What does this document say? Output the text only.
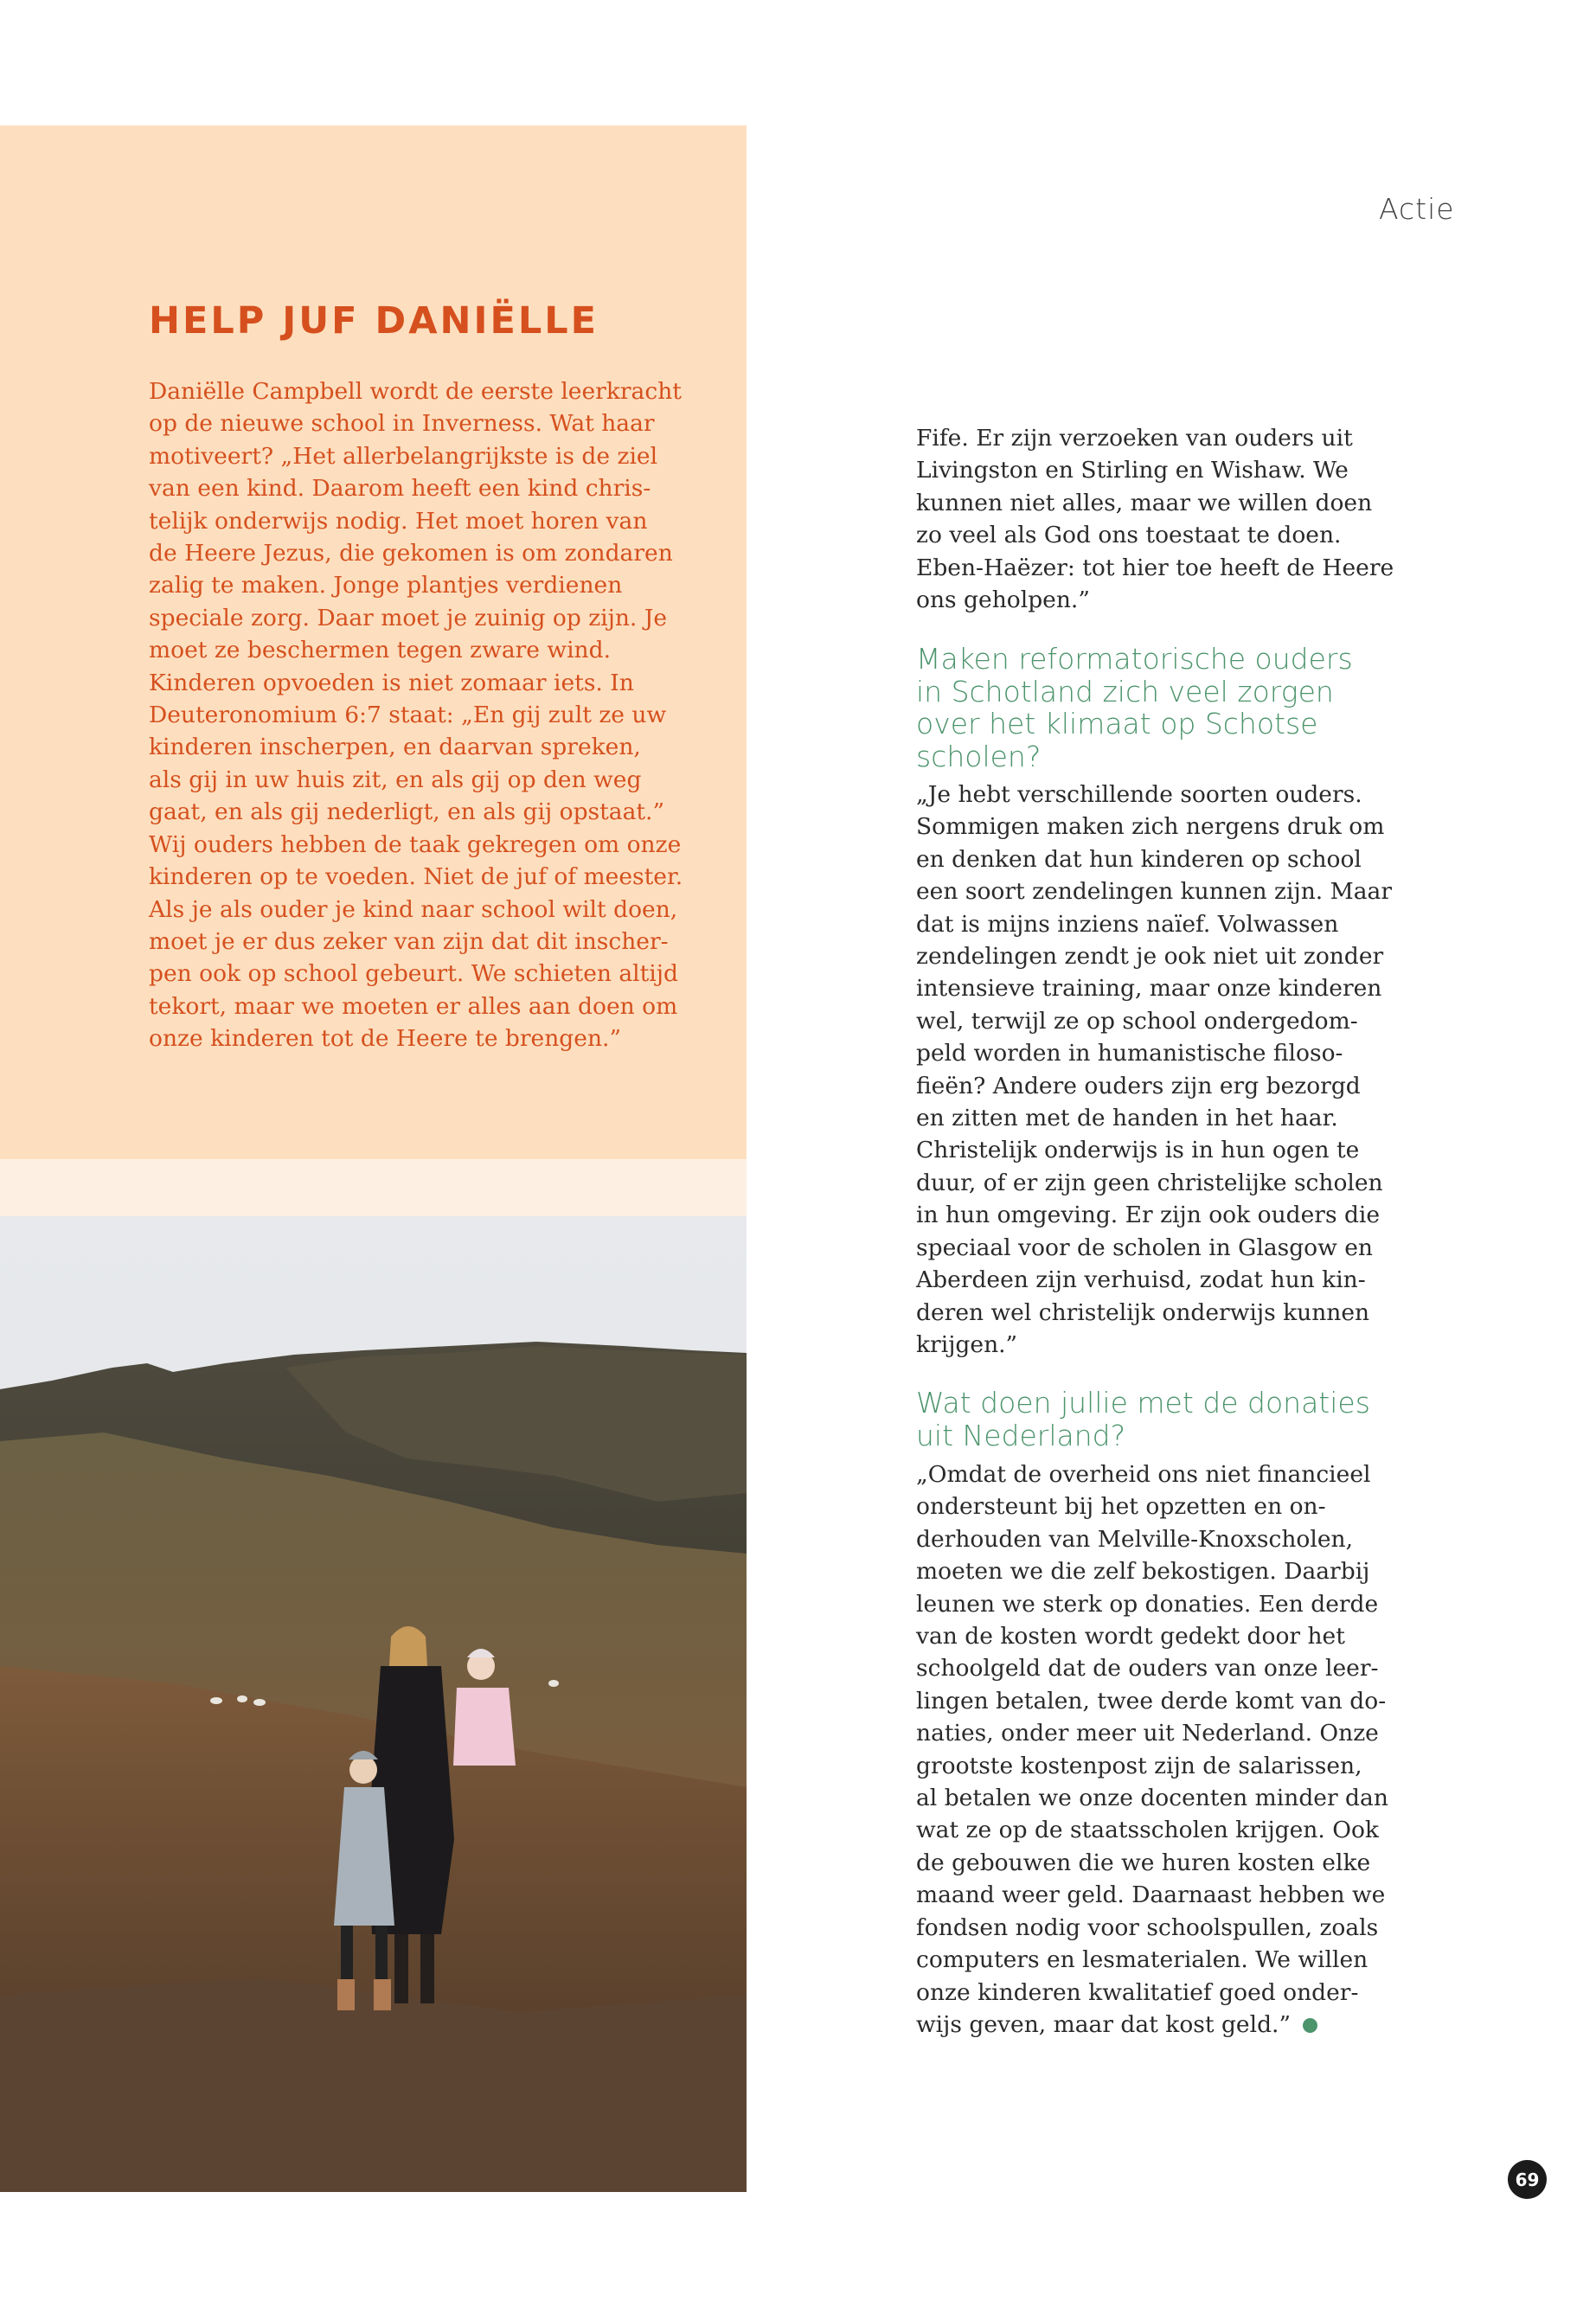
HELP JUF DANIËLLE
Daniëlle Campbell wordt de eerste leerkracht
op de nieuwe school in Inverness. Wat haar
motiveert? „Het allerbelangrijkste is de ziel
van een kind. Daarom heeft een kind chris-
telijk onderwijs nodig. Het moet horen van
de Heere Jezus, die gekomen is om zondaren
zalig te maken. Jonge plantjes verdienen
speciale zorg. Daar moet je zuinig op zijn. Je
moet ze beschermen tegen zware wind.
Kinderen opvoeden is niet zomaar iets. In
Deuteronomium 6:7 staat: „En gij zult ze uw
kinderen inscherpen, en daarvan spreken,
als gij in uw huis zit, en als gij op den weg
gaat, en als gij nederligt, en als gij opstaat.”
Wij ouders hebben de taak gekregen om onze
kinderen op te voeden. Niet de juf of meester.
Als je als ouder je kind naar school wilt doen,
moet je er dus zeker van zijn dat dit inscher-
pen ook op school gebeurt. We schieten altijd
tekort, maar we moeten er alles aan doen om
onze kinderen tot de Heere te brengen.”
Actie
Fife. Er zijn verzoeken van ouders uit
Livingston en Stirling en Wishaw. We
kunnen niet alles, maar we willen doen
zo veel als God ons toestaat te doen.
Eben-Haëzer: tot hier toe heeft de Heere
ons geholpen.”
Maken reformatorische ouders
in Schotland zich veel zorgen
over het klimaat op Schotse
scholen?
„Je hebt verschillende soorten ouders.
Sommigen maken zich nergens druk om
en denken dat hun kinderen op school
een soort zendelingen kunnen zijn. Maar
dat is mijns inziens naïef. Volwassen
zendelingen zendt je ook niet uit zonder
intensieve training, maar onze kinderen
wel, terwijl ze op school ondergedom-
peld worden in humanistische filoso-
fieën? Andere ouders zijn erg bezorgd
en zitten met de handen in het haar.
Christelijk onderwijs is in hun ogen te
duur, of er zijn geen christelijke scholen
in hun omgeving. Er zijn ook ouders die
speciaal voor de scholen in Glasgow en
Aberdeen zijn verhuisd, zodat hun kin-
deren wel christelijk onderwijs kunnen
krijgen.”
Wat doen jullie met de donaties
uit Nederland?
„Omdat de overheid ons niet financieel
ondersteunt bij het opzetten en on-
derhouden van Melville-Knoxscholen,
moeten we die zelf bekostigen. Daarbij
leunen we sterk op donaties. Een derde
van de kosten wordt gedekt door het
schoolgeld dat de ouders van onze leer-
lingen betalen, twee derde komt van do-
naties, onder meer uit Nederland. Onze
grootste kostenpost zijn de salarissen,
al betalen we onze docenten minder dan
wat ze op de staatsscholen krijgen. Ook
de gebouwen die we huren kosten elke
maand weer geld. Daarnaast hebben we
fondsen nodig voor schoolspullen, zoals
computers en lesmaterialen. We willen
onze kinderen kwalitatief goed onder-
wijs geven, maar dat kost geld.”
69
